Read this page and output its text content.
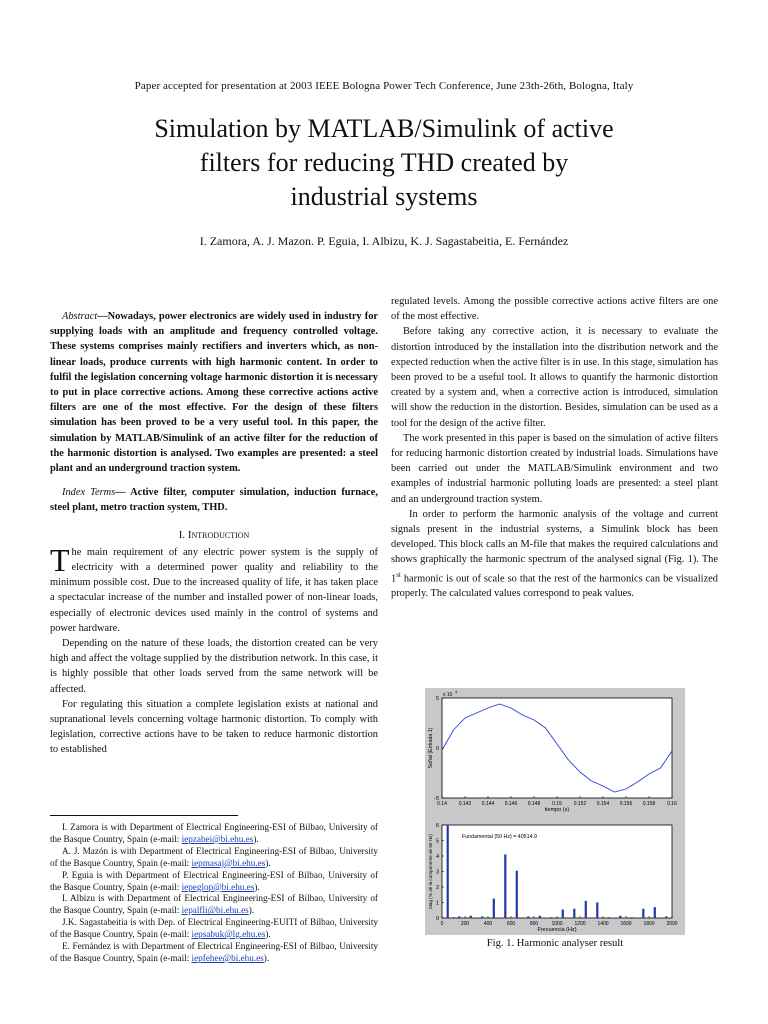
Paper accepted for presentation at 2003 IEEE Bologna Power Tech Conference, June 23th-26th, Bologna, Italy
Simulation by MATLAB/Simulink of active
filters for reducing THD created by
industrial systems
I. Zamora, A. J. Mazon. P. Eguia, I. Albizu, K. J. Sagastabeitia, E. Fernández

Abstract—Nowadays, power electronics are widely used in industry for supplying loads with an amplitude and frequency controlled voltage. These systems comprises mainly rectifiers and inverters which, as non-linear loads, produce currents with high harmonic content. In order to fulfil the legislation concerning voltage harmonic distortion it is necessary to put in place corrective actions. Among these corrective actions active filters are one of the most effective. For the design of these filters simulation has been proved to be a very useful tool. In this paper, the simulation by MATLAB/Simulink of an active filter for the reduction of the harmonic distortion is analysed. Two examples are presented: a steel plant and an underground traction system.

Index Terms— Active filter, computer simulation, induction furnace, steel plant, metro traction system, THD.

I. Introduction

The main requirement of any electric power system is the supply of electricity with a determined power quality and reliability to the minimum possible cost. Due to the increased quality of life, it has taken place a spectacular increase of the number and installed power of non-linear loads, especially of electronic devices used mainly in the control of systems and power hardware.

Depending on the nature of these loads, the distortion created can be very high and affect the voltage supplied by the distribution network. In this case, it is highly possible that other loads served from the same network will be affected.

For regulating this situation a complete legislation exists at national and supranational levels concerning voltage harmonic distortion. To comply with legislation, corrective actions have to be taken to reduce harmonic distortion to established

I. Zamora is with Department of Electrical Engineering-ESI of Bilbao, University of the Basque Country, Spain (e-mail: iepzabei@bi.ehu.es).

A. J. Mazón is with Department of Electrical Engineering-ESI of Bilbao, University of the Basque Country, Spain (e-mail: iepmasaj@bi.ehu.es).

P. Eguia is with Department of Electrical Engineering-ESI of Bilbao, University of the Basque Country, Spain (e-mail: iepeglop@bi.ehu.es).

I. Albizu is with Department of Electrical Engineering-ESI of Bilbao, University of the Basque Country, Spain (e-mail: iepalfli@bi.ehu.es).

J.K. Sagastabeitia is with Dep. of Electrical Engineering-EUITI of Bilbao, University of the Basque Country, Spain (e-mail: iepsabuk@lg.ehu.es).

E. Fernández is with Department of Electrical Engineering-ESI of Bilbao, University of the Basque Country, Spain (e-mail: iepfehee@bi.ehu.es).

regulated levels. Among the possible corrective actions active filters are one of the most effective.

Before taking any corrective action, it is necessary to evaluate the distortion introduced by the installation into the distribution network and the expected reduction when the active filter is in use. In this stage, simulation has been proved to be a useful tool. It allows to quantify the harmonic distortion created by a system and, when a corrective action is introduced, simulation will show the reduction in the distortion. Besides, simulation can be used as a tool for the design of the active filter.

The work presented in this paper is based on the simulation of active filters for reducing harmonic distortion created by industrial loads. Simulations have been carried out under the MATLAB/Simulink environment and two examples of industrial harmonic polluting loads are presented: a steel plant and an underground traction system.

In order to perform the harmonic analysis of the voltage and current signals present in the industrial systems, a Simulink block has been developed. This block calls an M-file that makes the required calculations and shows graphically the harmonic spectrum of the analysed signal (Fig. 1). The 1st harmonic is out of scale so that the rest of the harmonics can be visualized properly. The calculated values correspond to peak values.

0.14 0.142 0.144 0.146 0.148 0.15 0.152 0.154 0.156 0.158 0.16
5
0
-5
x 10 4
tiempo (s)
Señal (Entrada 1)
0	200	400	600	800	1000 1200 1400 1600 1800 2000
0
1
2
3
4
5
6
Fundamental (50 Hz) = 40514.9
Frecuencia (Hz)
Mag (% de la componente de 50 Hz)
Fig. 1. Harmonic analyser result
